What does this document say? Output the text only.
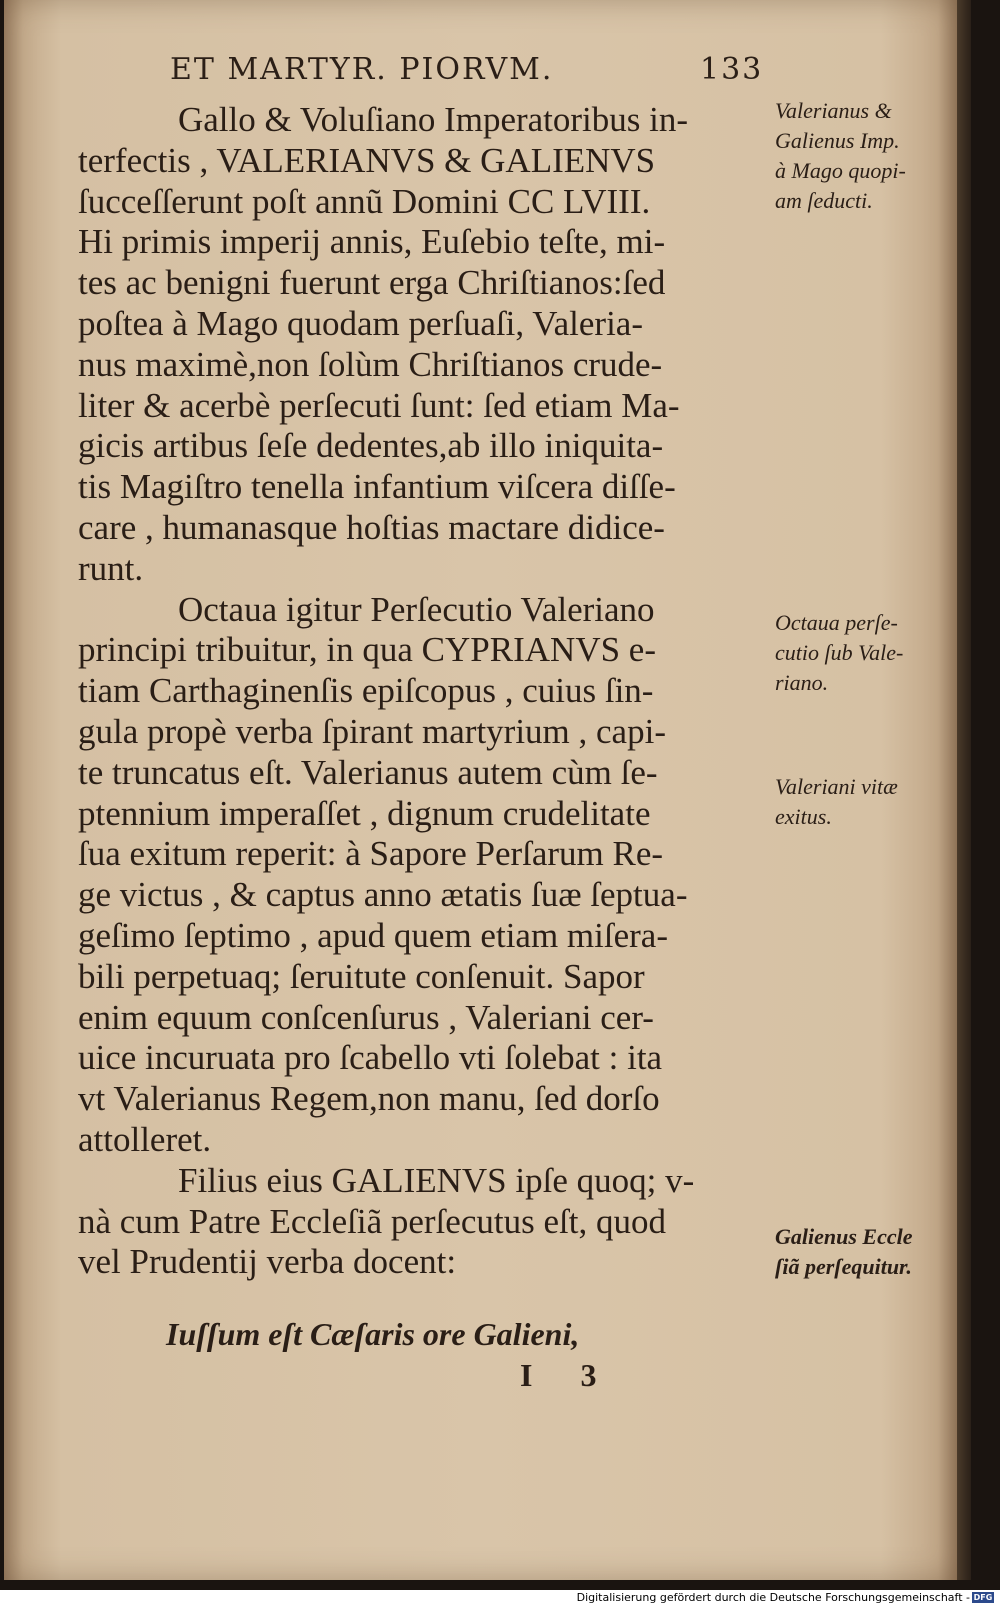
ET MARTYR. PIORVM.	133
Gallo & Voluſiano Imperatoribus in-
terfectis , VALERIANVS & GALIENVS
ſucceſſerunt poſt annũ Domini CC LVIII.
Hi primis imperij annis, Euſebio teſte, mi-
tes ac benigni fuerunt erga Chriſtianos:ſed
poſtea à Mago quodam perſuaſi, Valeria-
nus maximè,non ſolùm Chriſtianos crude-
liter & acerbè perſecuti ſunt: ſed etiam Ma-
gicis artibus ſeſe dedentes,ab illo iniquita-
tis Magiſtro tenella infantium viſcera diſſe-
care , humanasque hoſtias mactare didice-
runt.
Octaua igitur Perſecutio Valeriano
principi tribuitur, in qua CYPRIANVS e-
tiam Carthaginenſis epiſcopus , cuius ſin-
gula propè verba ſpirant martyrium , capi-
te truncatus eſt. Valerianus autem cùm ſe-
ptennium imperaſſet , dignum crudelitate
ſua exitum reperit: à Sapore Perſarum Re-
ge victus , & captus anno ætatis ſuæ ſeptua-
geſimo ſeptimo , apud quem etiam miſera-
bili perpetuaq; ſeruitute conſenuit. Sapor
enim equum conſcenſurus , Valeriani cer-
uice incuruata pro ſcabello vti ſolebat : ita
vt Valerianus Regem,non manu, ſed dorſo
attolleret.
Filius eius GALIENVS ipſe quoq; v-
nà cum Patre Eccleſiã perſecutus eſt, quod
vel Prudentij verba docent:
Iuſſum eſt Cæſaris ore Galieni,
I 3
Valerianus &
Galienus Imp.
à Mago quopi-
am ſeducti.
Octaua perſe-
cutio ſub Vale-
riano.
Valeriani vitæ
exitus.
Galienus Eccle
ſiã perſequitur.
Digitalisierung gefördert durch die Deutsche Forschungsgemeinschaft - DFG
